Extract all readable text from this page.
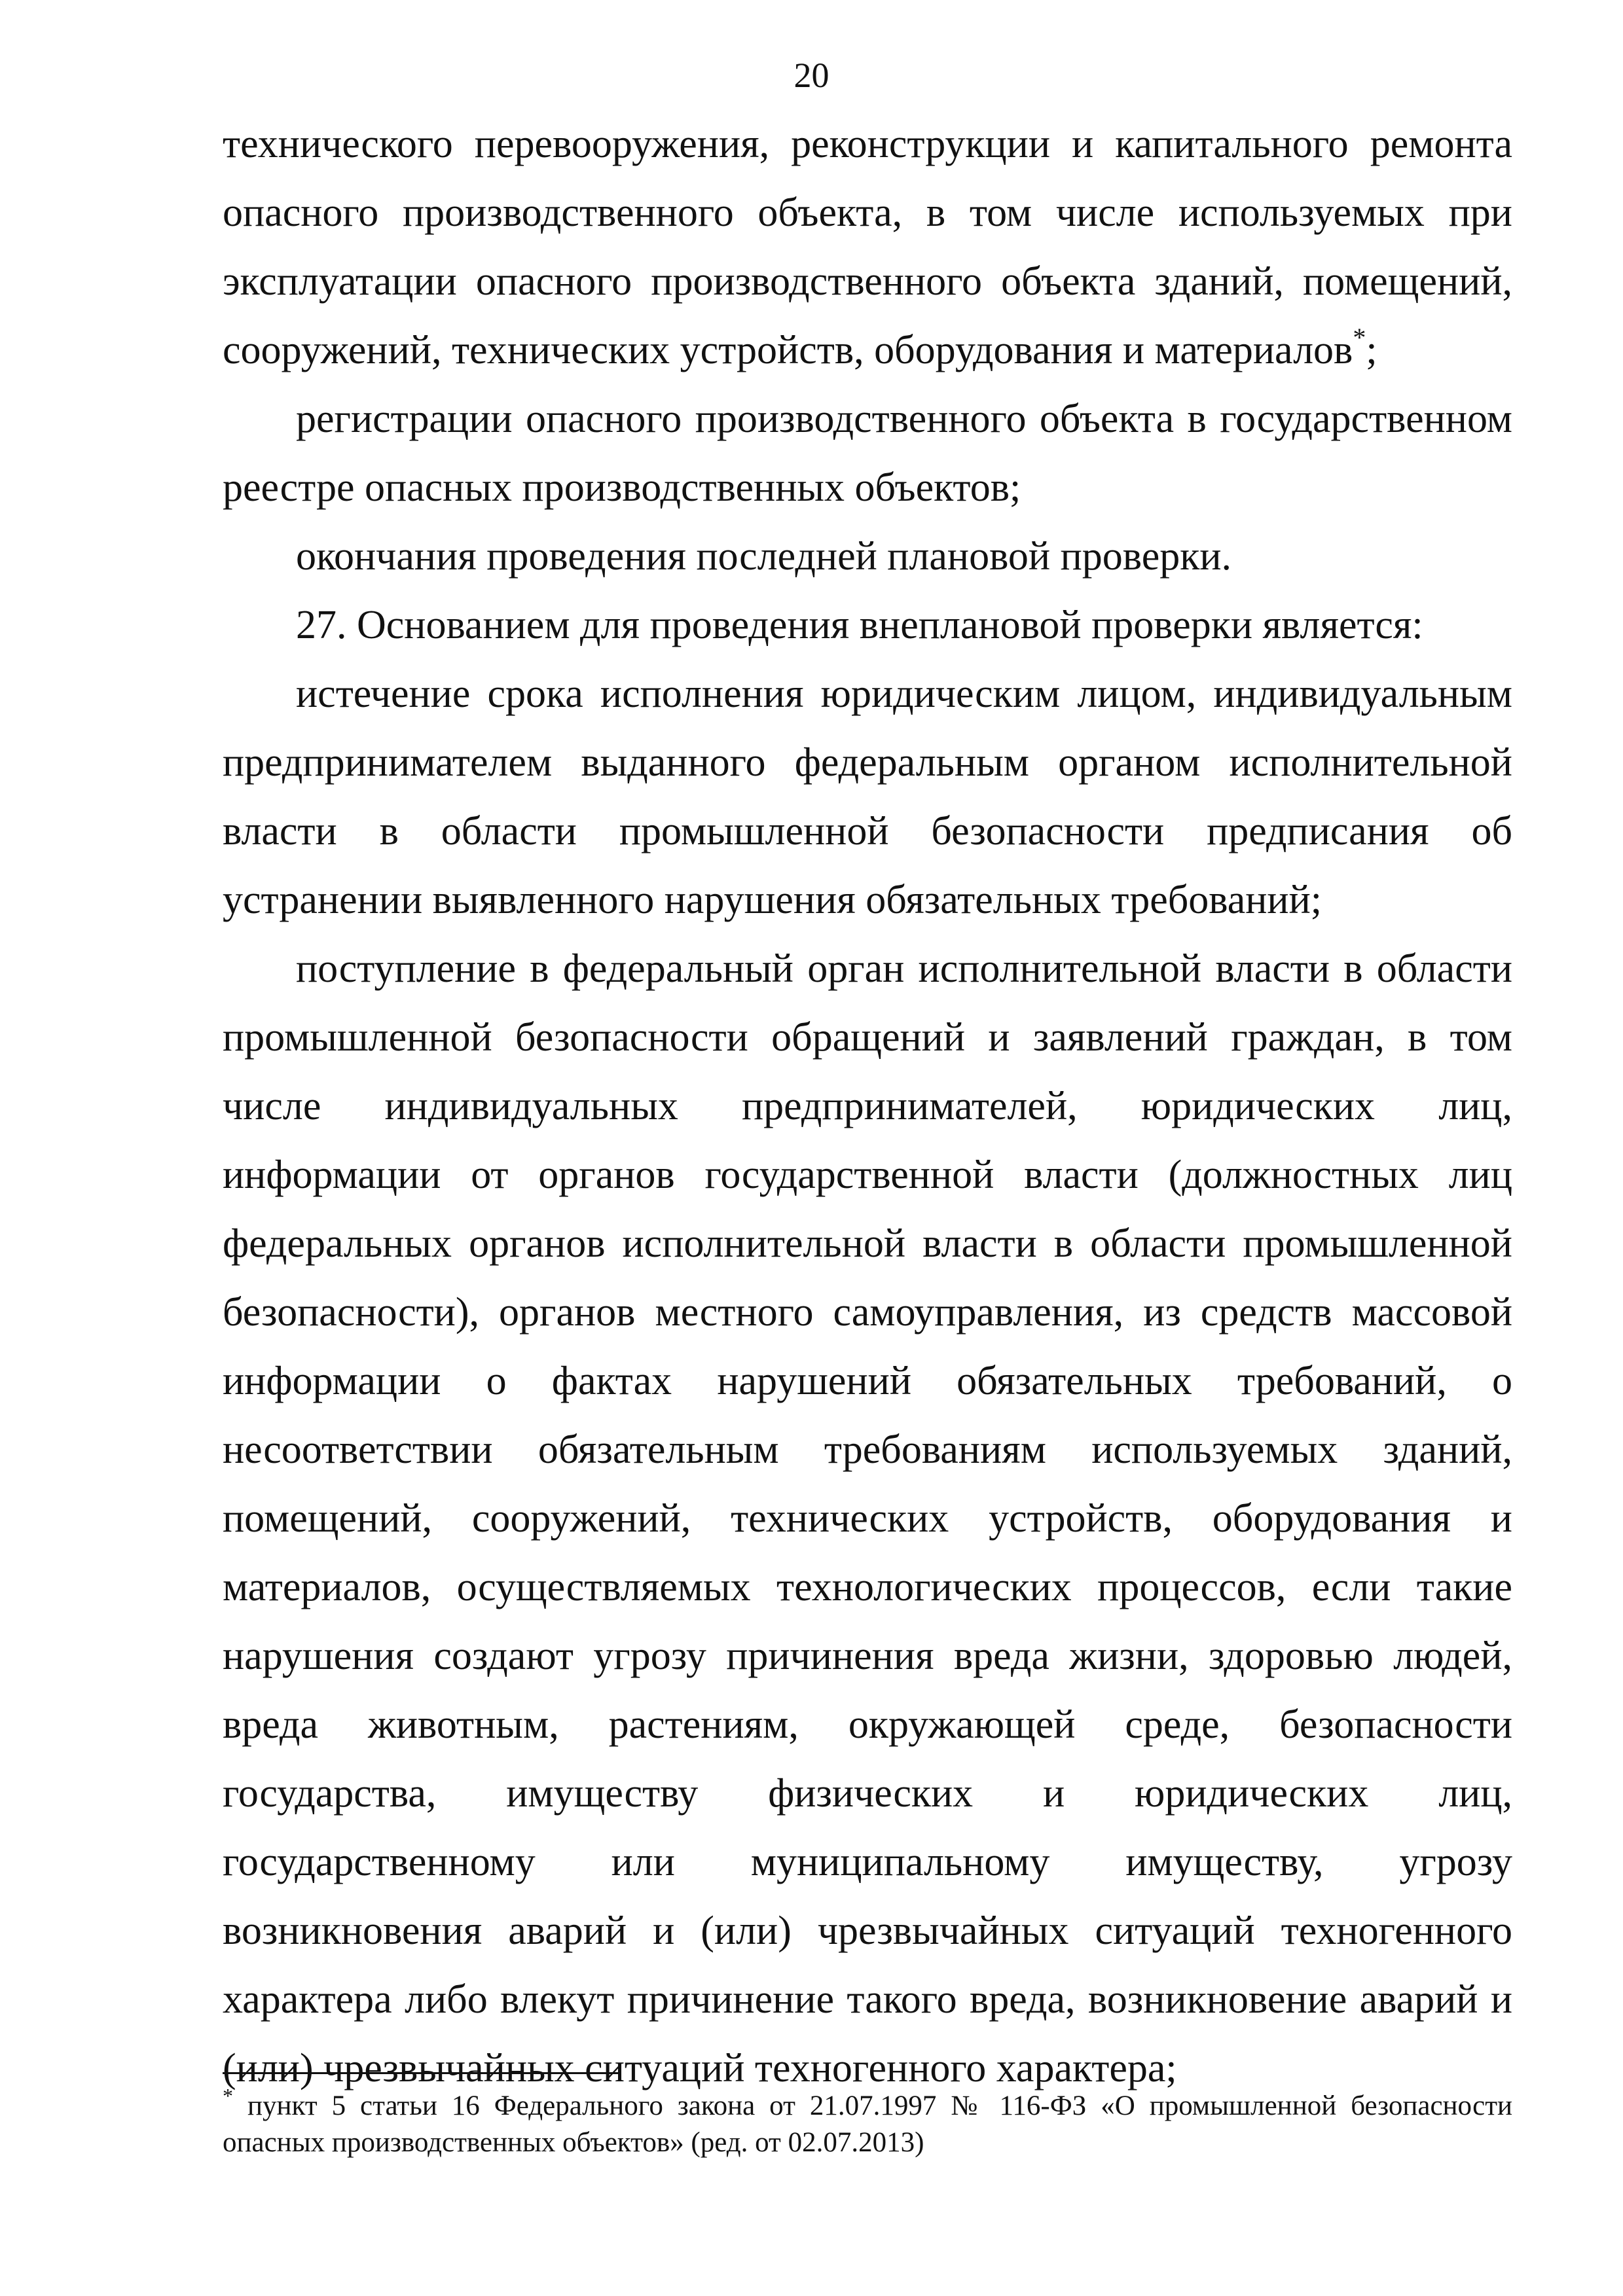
20

технического перевооружения, реконструкции и капитального ремонта опасного производственного объекта, в том числе используемых при эксплуатации опасного производственного объекта зданий, помещений, сооружений, технических устройств, оборудования и материалов*;

регистрации опасного производственного объекта в государственном реестре опасных производственных объектов;

окончания проведения последней плановой проверки.

27. Основанием для проведения внеплановой проверки является:

истечение срока исполнения юридическим лицом, индивидуальным предпринимателем выданного федеральным органом исполнительной власти в области промышленной безопасности предписания об устранении выявленного нарушения обязательных требований;

поступление в федеральный орган исполнительной власти в области промышленной безопасности обращений и заявлений граждан, в том числе индивидуальных предпринимателей, юридических лиц, информации от органов государственной власти (должностных лиц федеральных органов исполнительной власти в области промышленной безопасности), органов местного самоуправления, из средств массовой информации о фактах нарушений обязательных требований, о несоответствии обязательным требованиям используемых зданий, помещений, сооружений, технических устройств, оборудования и материалов, осуществляемых технологических процессов, если такие нарушения создают угрозу причинения вреда жизни, здоровью людей, вреда животным, растениям, окружающей среде, безопасности государства, имуществу физических и юридических лиц, государственному или муниципальному имуществу, угрозу возникновения аварий и (или) чрезвычайных ситуаций техногенного характера либо влекут причинение такого вреда, возникновение аварий и (или) чрезвычайных ситуаций техногенного характера;

* пункт 5 статьи 16 Федерального закона от 21.07.1997 № 116-ФЗ «О промышленной безопасности опасных производственных объектов» (ред. от 02.07.2013)
